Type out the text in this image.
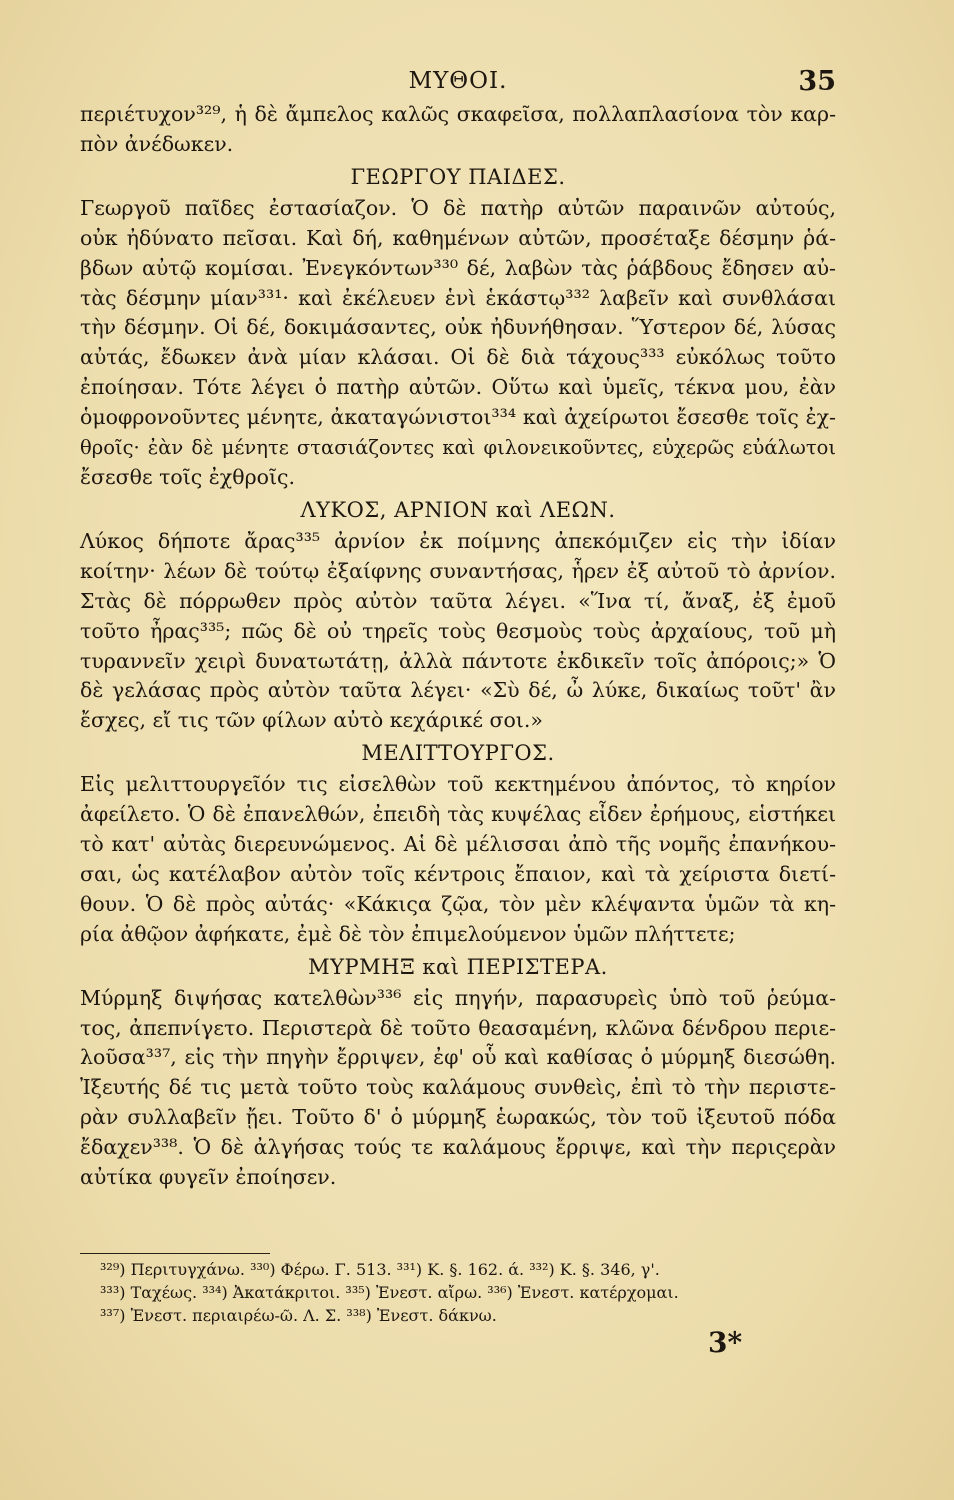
ΜΥΘΟΙ.	35
περιέτυχον³²⁹, ἡ δὲ ἄμπελος καλῶς σκαφεῖσα, πολλαπλασίονα τὸν καρ-
πὸν ἀνέδωκεν.
ΓΕΩΡΓΟΥ ΠΑΙΔΕΣ.
Γεωργοῦ παῖδες ἐστασίαζον. Ὁ δὲ πατὴρ αὐτῶν παραινῶν αὐτούς,
οὐκ ἠδύνατο πεῖσαι. Καὶ δή, καθημένων αὐτῶν, προσέταξε δέσμην ῥά-
βδων αὐτῷ κομίσαι. Ἐνεγκόντων³³⁰ δέ, λαβὼν τὰς ῥάβδους ἔδησεν αὐ-
τὰς δέσμην μίαν³³¹· καὶ ἐκέλευεν ἑνὶ ἑκάστῳ³³² λαβεῖν καὶ συνθλάσαι
τὴν δέσμην. Οἱ δέ, δοκιμάσαντες, οὐκ ἠδυνήθησαν. Ὕστερον δέ, λύσας
αὐτάς, ἔδωκεν ἀνὰ μίαν κλάσαι. Οἱ δὲ διὰ τάχους³³³ εὐκόλως τοῦτο
ἐποίησαν. Τότε λέγει ὁ πατὴρ αὐτῶν. Οὕτω καὶ ὑμεῖς, τέκνα μου, ἐὰν
ὁμοφρονοῦντες μένητε, ἀκαταγώνιστοι³³⁴ καὶ ἀχείρωτοι ἔσεσθε τοῖς ἐχ-
θροῖς· ἐὰν δὲ μένητε στασιάζοντες καὶ φιλονεικοῦντες, εὐχερῶς εὐάλωτοι
ἔσεσθε τοῖς ἐχθροῖς.
ΛΥΚΟΣ, ΑΡΝΙΟΝ καὶ ΛΕΩΝ.
Λύκος δήποτε ἄρας³³⁵ ἀρνίον ἐκ ποίμνης ἀπεκόμιζεν εἰς τὴν ἰδίαν
κοίτην· λέων δὲ τούτῳ ἐξαίφνης συναντήσας, ἧρεν ἐξ αὐτοῦ τὸ ἀρνίον.
Στὰς δὲ πόρρωθεν πρὸς αὐτὸν ταῦτα λέγει. «Ἵνα τί, ἄναξ, ἐξ ἐμοῦ
τοῦτο ἦρας³³⁵; πῶς δὲ οὐ τηρεῖς τοὺς θεσμοὺς τοὺς ἀρχαίους, τοῦ μὴ
τυραννεῖν χειρὶ δυνατωτάτῃ, ἀλλὰ πάντοτε ἐκδικεῖν τοῖς ἀπόροις;» Ὁ
δὲ γελάσας πρὸς αὐτὸν ταῦτα λέγει· «Σὺ δέ, ὦ λύκε, δικαίως τοῦτ' ἂν
ἔσχες, εἴ τις τῶν φίλων αὐτὸ κεχάρικέ σοι.»
ΜΕΛΙΤΤΟΥΡΓΟΣ.
Εἰς μελιττουργεῖόν τις εἰσελθὼν τοῦ κεκτημένου ἀπόντος, τὸ κηρίον
ἀφείλετο. Ὁ δὲ ἐπανελθών, ἐπειδὴ τὰς κυψέλας εἶδεν ἐρήμους, εἱστήκει
τὸ κατ' αὐτὰς διερευνώμενος. Αἱ δὲ μέλισσαι ἀπὸ τῆς νομῆς ἐπανήκου-
σαι, ὡς κατέλαβον αὐτὸν τοῖς κέντροις ἔπαιον, καὶ τὰ χείριστα διετί-
θουν. Ὁ δὲ πρὸς αὐτάς· «Κάκιςα ζῷα, τὸν μὲν κλέψαντα ὑμῶν τὰ κη-
ρία ἀθῷον ἀφήκατε, ἐμὲ δὲ τὸν ἐπιμελούμενον ὑμῶν πλήττετε;
ΜΥΡΜΗΞ καὶ ΠΕΡΙΣΤΕΡΑ.
Μύρμηξ διψήσας κατελθὼν³³⁶ εἰς πηγήν, παρασυρεὶς ὑπὸ τοῦ ῥεύμα-
τος, ἀπεπνίγετο. Περιστερὰ δὲ τοῦτο θεασαμένη, κλῶνα δένδρου περιε-
λοῦσα³³⁷, εἰς τὴν πηγὴν ἔρριψεν, ἐφ' οὗ καὶ καθίσας ὁ μύρμηξ διεσώθη.
Ἰξευτής δέ τις μετὰ τοῦτο τοὺς καλάμους συνθεὶς, ἐπὶ τὸ τὴν περιστε-
ρὰν συλλαβεῖν ᾔει. Τοῦτο δ' ὁ μύρμηξ ἑωρακώς, τὸν τοῦ ἰξευτοῦ πόδα
ἔδαχεν³³⁸. Ὁ δὲ ἀλγήσας τούς τε καλάμους ἔρριψε, καὶ τὴν περιςερὰν
αὐτίκα φυγεῖν ἐποίησεν.
³²⁹) Περιτυγχάνω. ³³⁰) Φέρω. Γ. 513. ³³¹) Κ. §. 162. ά. ³³²) Κ. §. 346, γ'.
³³³) Ταχέως. ³³⁴) Ἀκατάκριτοι. ³³⁵) Ἐνεστ. αἴρω. ³³⁶) Ἐνεστ. κατέρχομαι.
³³⁷) Ἐνεστ. περιαιρέω-ῶ. Λ. Σ. ³³⁸) Ἐνεστ. δάκνω.
3*
